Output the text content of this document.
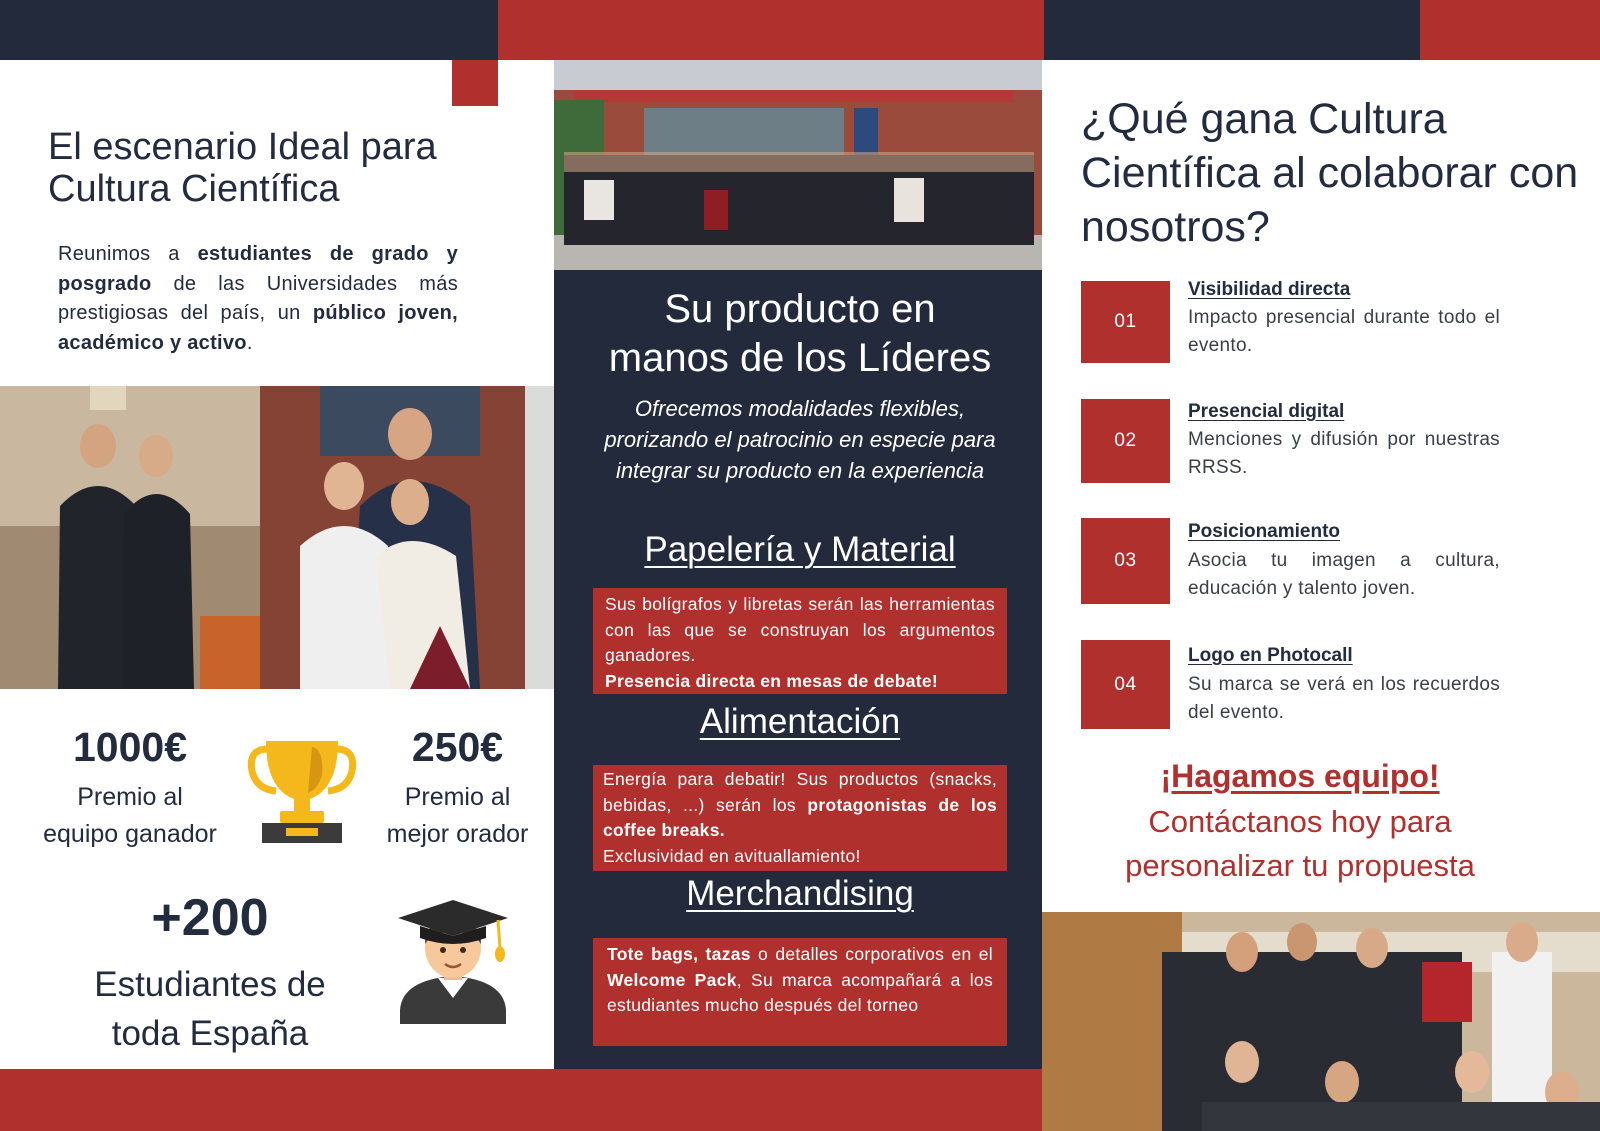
El escenario Ideal para
Cultura Científica
Reunimos a estudiantes de grado y posgrado de las Universidades más prestigiosas del país, un público joven, académico y activo.
1000€
Premio al
equipo ganador
250€
Premio al
mejor orador
+200
Estudiantes de
toda España
Su producto en
manos de los Líderes
Ofrecemos modalidades flexibles, prorizando el patrocinio en especie para integrar su producto en la experiencia
Papelería y Material
Sus bolígrafos y libretas serán las herramientas con las que se construyan los argumentos ganadores.
Presencia directa en mesas de debate!
Alimentación
Energía para debatir! Sus productos (snacks, bebidas, ...) serán los protagonistas de los coffee breaks.
Exclusividad en avituallamiento!
Merchandising
Tote bags, tazas o detalles corporativos en el Welcome Pack, Su marca acompañará a los estudiantes mucho después del torneo
¿Qué gana Cultura Científica al colaborar con nosotros?
01
Visibilidad directa
Impacto presencial durante todo el evento.
02
Presencial digital
Menciones y difusión por nuestras RRSS.
03
Posicionamiento
Asocia tu imagen a cultura, educación y talento joven.
04
Logo en Photocall
Su marca se verá en los recuerdos del evento.
¡Hagamos equipo!
Contáctanos hoy para
personalizar tu propuesta
